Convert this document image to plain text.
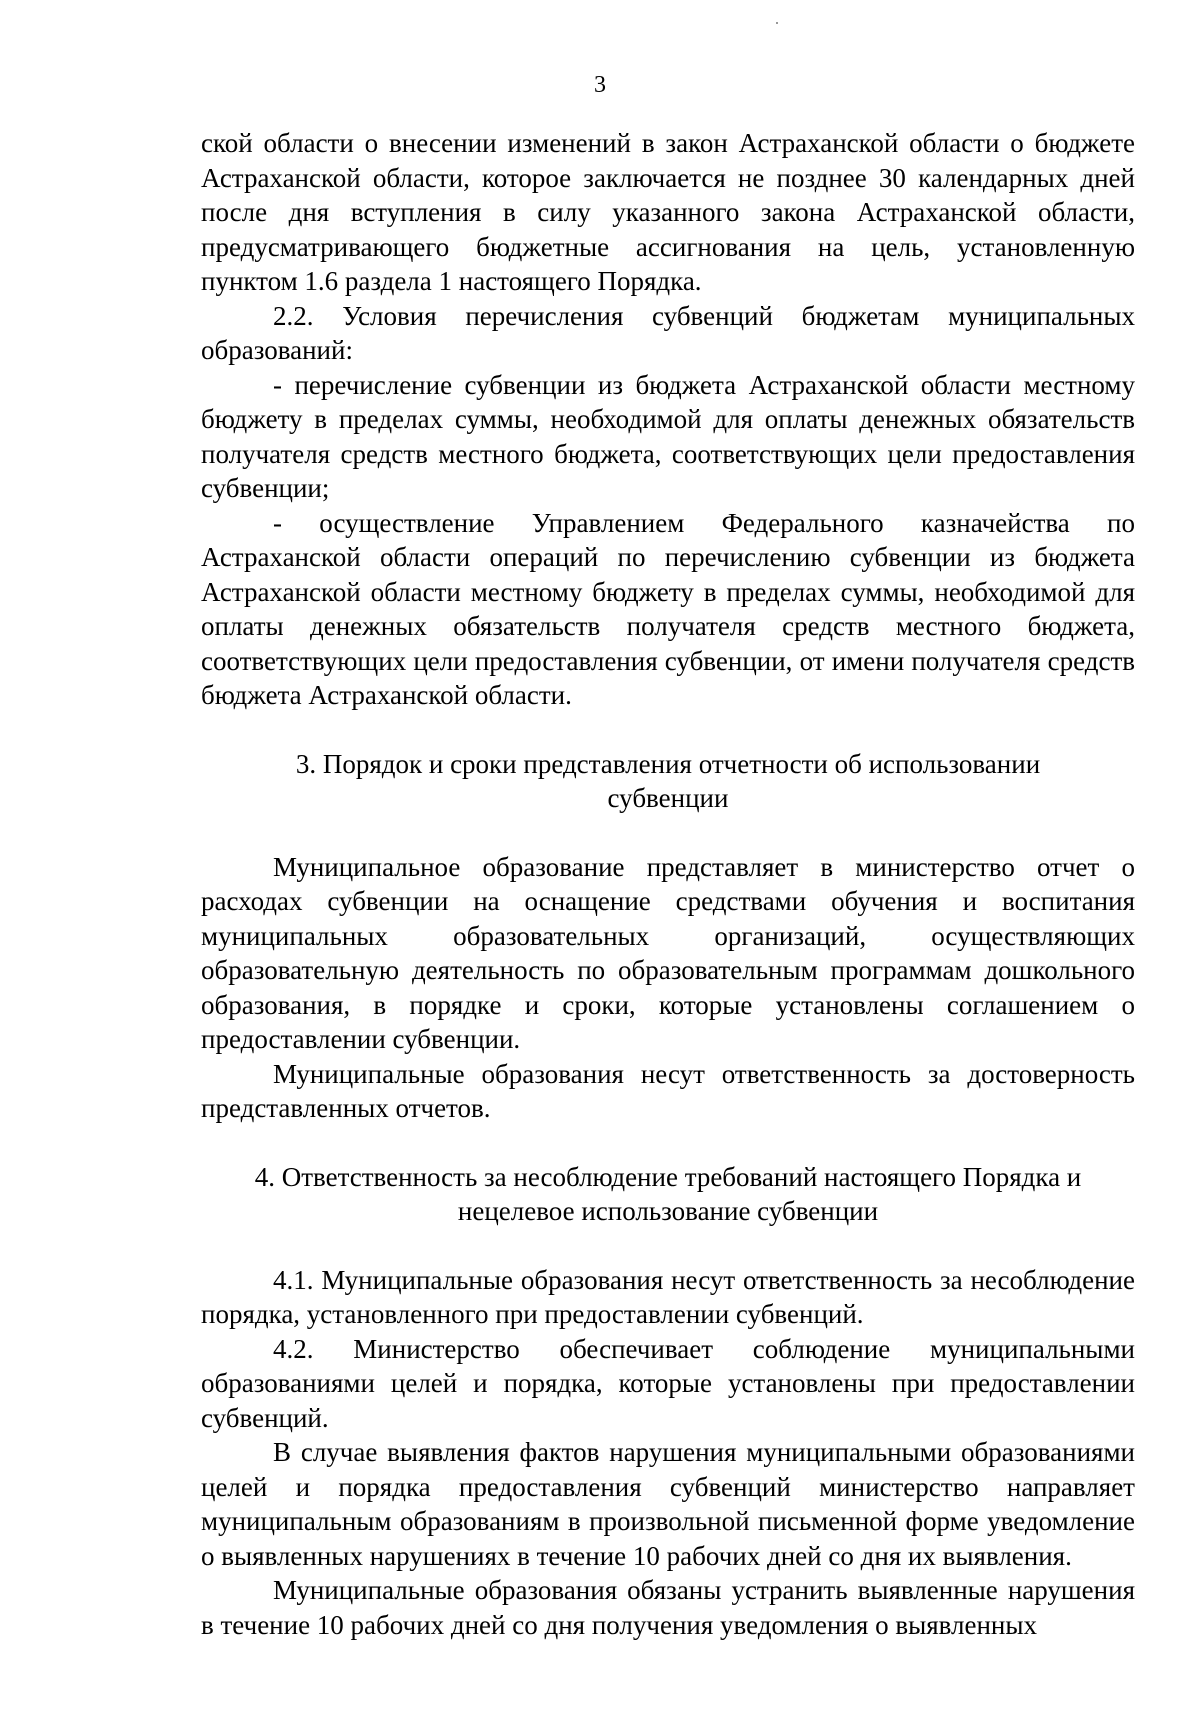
3

ской области о внесении изменений в закон Астраханской области о бюджете Астраханской области, которое заключается не позднее 30 календарных дней после дня вступления в силу указанного закона Астраханской области, предусматривающего бюджетные ассигнования на цель, установленную пунктом 1.6 раздела 1 настоящего Порядка.

2.2. Условия перечисления субвенций бюджетам муниципальных образований:

- перечисление субвенции из бюджета Астраханской области местному бюджету в пределах суммы, необходимой для оплаты денежных обязательств получателя средств местного бюджета, соответствующих цели предоставления субвенции;

- осуществление Управлением Федерального казначейства по Астраханской области операций по перечислению субвенции из бюджета Астраханской области местному бюджету в пределах суммы, необходимой для оплаты денежных обязательств получателя средств местного бюджета, соответствующих цели предоставления субвенции, от имени получателя средств бюджета Астраханской области.

3. Порядок и сроки представления отчетности об использовании субвенции

Муниципальное образование представляет в министерство отчет о расходах субвенции на оснащение средствами обучения и воспитания муниципальных образовательных организаций, осуществляющих образовательную деятельность по образовательным программам дошкольного образования, в порядке и сроки, которые установлены соглашением о предоставлении субвенции.

Муниципальные образования несут ответственность за достоверность представленных отчетов.

4. Ответственность за несоблюдение требований настоящего Порядка и нецелевое использование субвенции

4.1. Муниципальные образования несут ответственность за несоблюдение порядка, установленного при предоставлении субвенций.

4.2. Министерство обеспечивает соблюдение муниципальными образованиями целей и порядка, которые установлены при предоставлении субвенций.

В случае выявления фактов нарушения муниципальными образованиями целей и порядка предоставления субвенций министерство направляет муниципальным образованиям в произвольной письменной форме уведомление о выявленных нарушениях в течение 10 рабочих дней со дня их выявления.

Муниципальные образования обязаны устранить выявленные нарушения в течение 10 рабочих дней со дня получения уведомления о выявленных
